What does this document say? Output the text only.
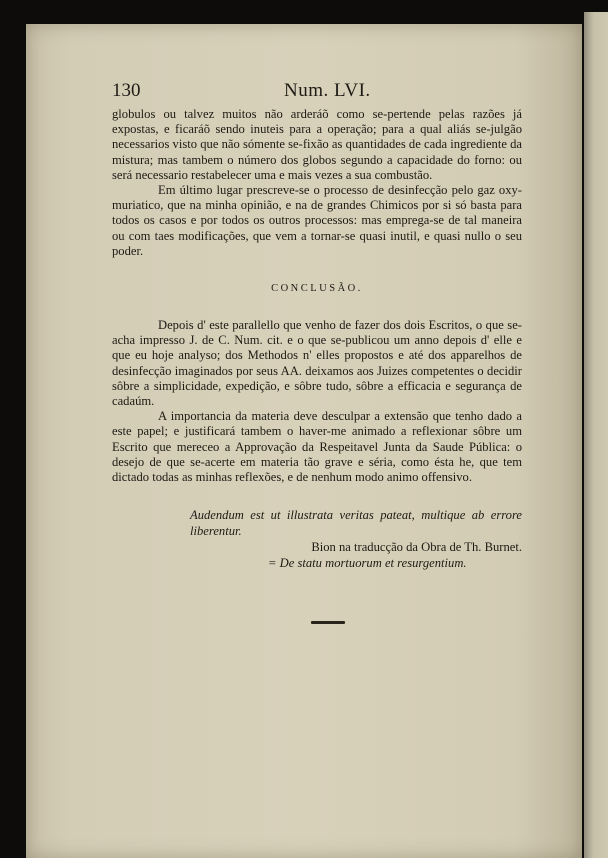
130	Num. LVI.

globulos ou talvez muitos não arderáõ como se-pertende pelas razões já expostas, e ficaráõ sendo inuteis para a operação; para a qual aliás se-julgão necessarios visto que não sómente se-fixão as quantidades de cada ingrediente da mistura; mas tambem o número dos globos segundo a capacidade do forno: ou será necessario restabelecer uma e mais vezes a sua combustão.

Em último lugar prescreve-se o processo de desinfecção pelo gaz oxy-muriatico, que na minha opinião, e na de grandes Chimicos por si só basta para todos os casos e por todos os outros processos: mas emprega-se de tal maneira ou com taes modificações, que vem a tornar-se quasi inutil, e quasi nullo o seu poder.

CONCLUSÃO.

Depois d' este parallello que venho de fazer dos dois Escritos, o que se-acha impresso J. de C. Num. cit. e o que se-publicou um anno depois d' elle e que eu hoje analyso; dos Methodos n' elles propostos e até dos apparelhos de desinfecção imaginados por seus AA. deixamos aos Juizes competentes o decidir sôbre a simplicidade, expedição, e sôbre tudo, sôbre a efficacia e segurança de cadaúm.

A importancia da materia deve desculpar a extensão que tenho dado a este papel; e justificará tambem o haver-me animado a reflexionar sôbre um Escrito que mereceo a Approvação da Respeitavel Junta da Saude Pública: o desejo de que se-acerte em materia tão grave e séria, como ésta he, que tem dictado todas as minhas reflexões, e de nenhum modo animo offensivo.

Audendum est ut illustrata veritas pateat, multique ab errore liberentur.

Bion na traducção da Obra de Th. Burnet.

= De statu mortuorum et resurgentium.
